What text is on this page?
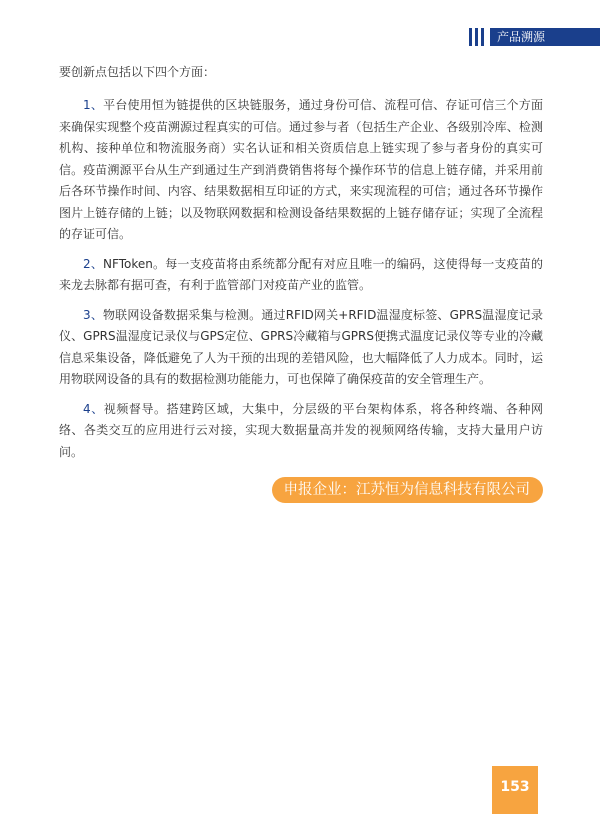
产品溯源

要创新点包括以下四个方面：

1、平台使用恒为链提供的区块链服务，通过身份可信、流程可信、存证可信三个方面来确保实现整个疫苗溯源过程真实的可信。通过参与者（包括生产企业、各级别冷库、检测机构、接种单位和物流服务商）实名认证和相关资质信息上链实现了参与者身份的真实可信。疫苗溯源平台从生产到通过生产到消费销售将每个操作环节的信息上链存储，并采用前后各环节操作时间、内容、结果数据相互印证的方式，来实现流程的可信；通过各环节操作图片上链存储的上链；以及物联网数据和检测设备结果数据的上链存储存证；实现了全流程的存证可信。

2、NFToken。每一支疫苗将由系统都分配有对应且唯一的编码，这使得每一支疫苗的来龙去脉都有据可查，有利于监管部门对疫苗产业的监管。

3、物联网设备数据采集与检测。通过RFID网关+RFID温湿度标签、GPRS温湿度记录仪、GPRS温湿度记录仪与GPS定位、GPRS冷藏箱与GPRS便携式温度记录仪等专业的冷藏信息采集设备，降低避免了人为干预的出现的差错风险，也大幅降低了人力成本。同时，运用物联网设备的具有的数据检测功能能力，可也保障了确保疫苗的安全管理生产。

4、视频督导。搭建跨区域，大集中，分层级的平台架构体系，将各种终端、各种网络、各类交互的应用进行云对接，实现大数据量高并发的视频网络传输，支持大量用户访问。

申报企业：江苏恒为信息科技有限公司
153
